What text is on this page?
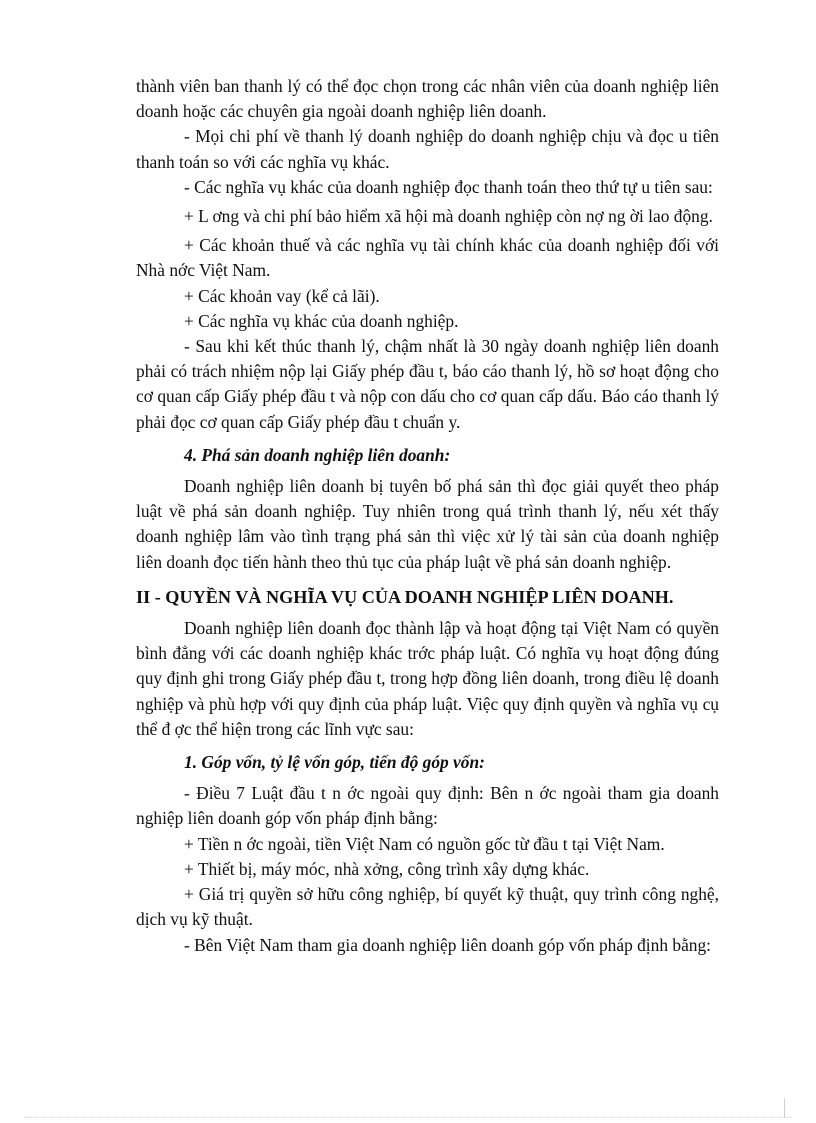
thành viên ban thanh lý có thể đọc chọn trong các nhân viên của doanh nghiệp liên doanh hoặc các chuyên gia ngoài doanh nghiệp liên doanh.

- Mọi chi phí về thanh lý doanh nghiệp do doanh nghiệp chịu và đọc u tiên thanh toán so với các nghĩa vụ khác.

- Các nghĩa vụ khác của doanh nghiệp đọc thanh toán theo thứ tự u tiên sau:

+ L ơng và chi phí bảo hiểm xã hội mà doanh nghiệp còn nợ ng ời lao động.

+ Các khoản thuế và các nghĩa vụ tài chính khác của doanh nghiệp đối với Nhà nớc Việt Nam.

+ Các khoản vay (kể cả lãi).

+ Các nghĩa vụ khác của doanh nghiệp.

- Sau khi kết thúc thanh lý, chậm nhất là 30 ngày doanh nghiệp liên doanh phải có trách nhiệm nộp lại Giấy phép đầu t, báo cáo thanh lý, hồ sơ hoạt động cho cơ quan cấp Giấy phép đầu t và nộp con dấu cho cơ quan cấp dấu. Báo cáo thanh lý phải đọc cơ quan cấp Giấy phép đầu t chuẩn y.

4. Phá sản doanh nghiệp liên doanh:

Doanh nghiệp liên doanh bị tuyên bố phá sản thì đọc giải quyết theo pháp luật về phá sản doanh nghiệp. Tuy nhiên trong quá trình thanh lý, nếu xét thấy doanh nghiệp lâm vào tình trạng phá sản thì việc xử lý tài sản của doanh nghiệp liên doanh đọc tiến hành theo thủ tục của pháp luật về phá sản doanh nghiệp.

II - QUYỀN VÀ NGHĨA VỤ CỦA DOANH NGHIỆP LIÊN DOANH.

Doanh nghiệp liên doanh đọc thành lập và hoạt động tại Việt Nam có quyền bình đẳng với các doanh nghiệp khác trớc pháp luật. Có nghĩa vụ hoạt động đúng quy định ghi trong Giấy phép đầu t, trong hợp đồng liên doanh, trong điều lệ doanh nghiệp và phù hợp với quy định của pháp luật. Việc quy định quyền và nghĩa vụ cụ thể đ ợc thể hiện trong các lĩnh vực sau:

1. Góp vốn, tỷ lệ vốn góp, tiến độ góp vốn:

- Điều 7 Luật đầu t n ớc ngoài quy định: Bên n ớc ngoài tham gia doanh nghiệp liên doanh góp vốn pháp định bằng:

+ Tiền n ớc ngoài, tiền Việt Nam có nguồn gốc từ đầu t tại Việt Nam.

+ Thiết bị, máy móc, nhà xởng, công trình xây dựng khác.

+ Giá trị quyền sở hữu công nghiệp, bí quyết kỹ thuật, quy trình công nghệ, dịch vụ kỹ thuật.

- Bên Việt Nam tham gia doanh nghiệp liên doanh góp vốn pháp định bằng:
